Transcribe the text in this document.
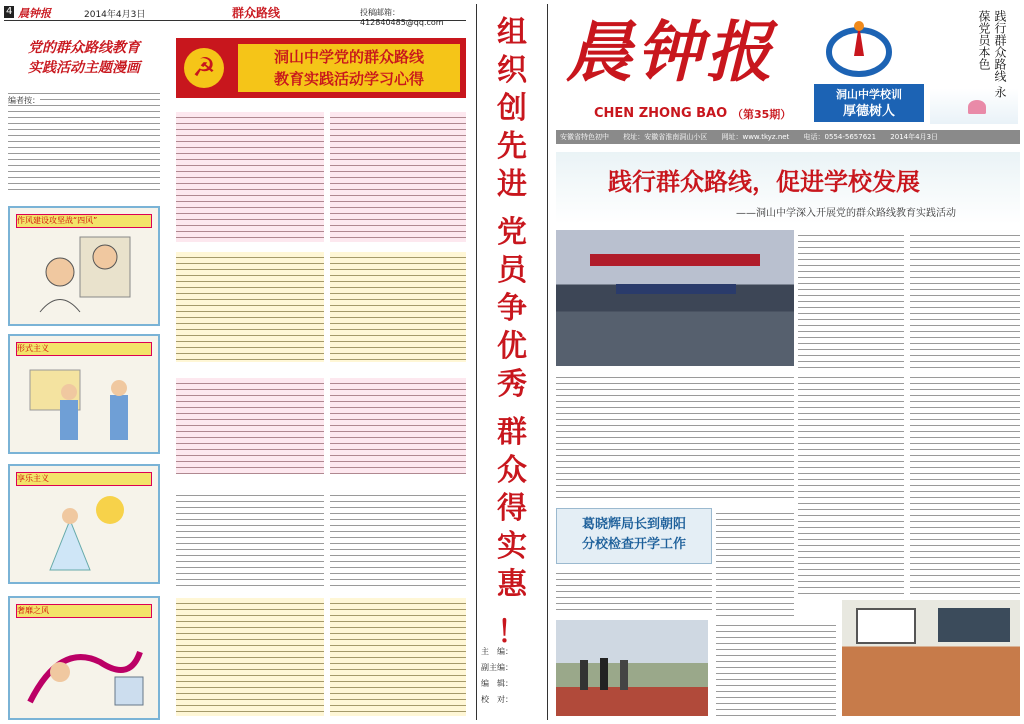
4 晨钟报	2014年4月3日	群众路线	投稿邮箱：412840485@qq.com
党的群众路线教育
实践活动主题漫画
编者按：
作风建设攻坚战“四风”
形式主义
享乐主义
奢靡之风
☭	洞山中学党的群众路线
教育实践活动学习心得
组
织
创
先
进
党
员
争
优
秀
群
众
得
实
惠
！
主　编：
副主编：
编　辑：
校　对：
晨钟报
CHEN ZHONG BAO （第35期）
洞山中学校训
厚德树人
践行群众路线 永葆党员本色
安徽省特色初中 校址：安徽省淮南洞山小区 网址：www.tkyz.net 电话：0554-5657621 2014年4月3日
践行群众路线，促进学校发展
——洞山中学深入开展党的群众路线教育实践活动
葛晓辉局长到朝阳
分校检查开学工作
